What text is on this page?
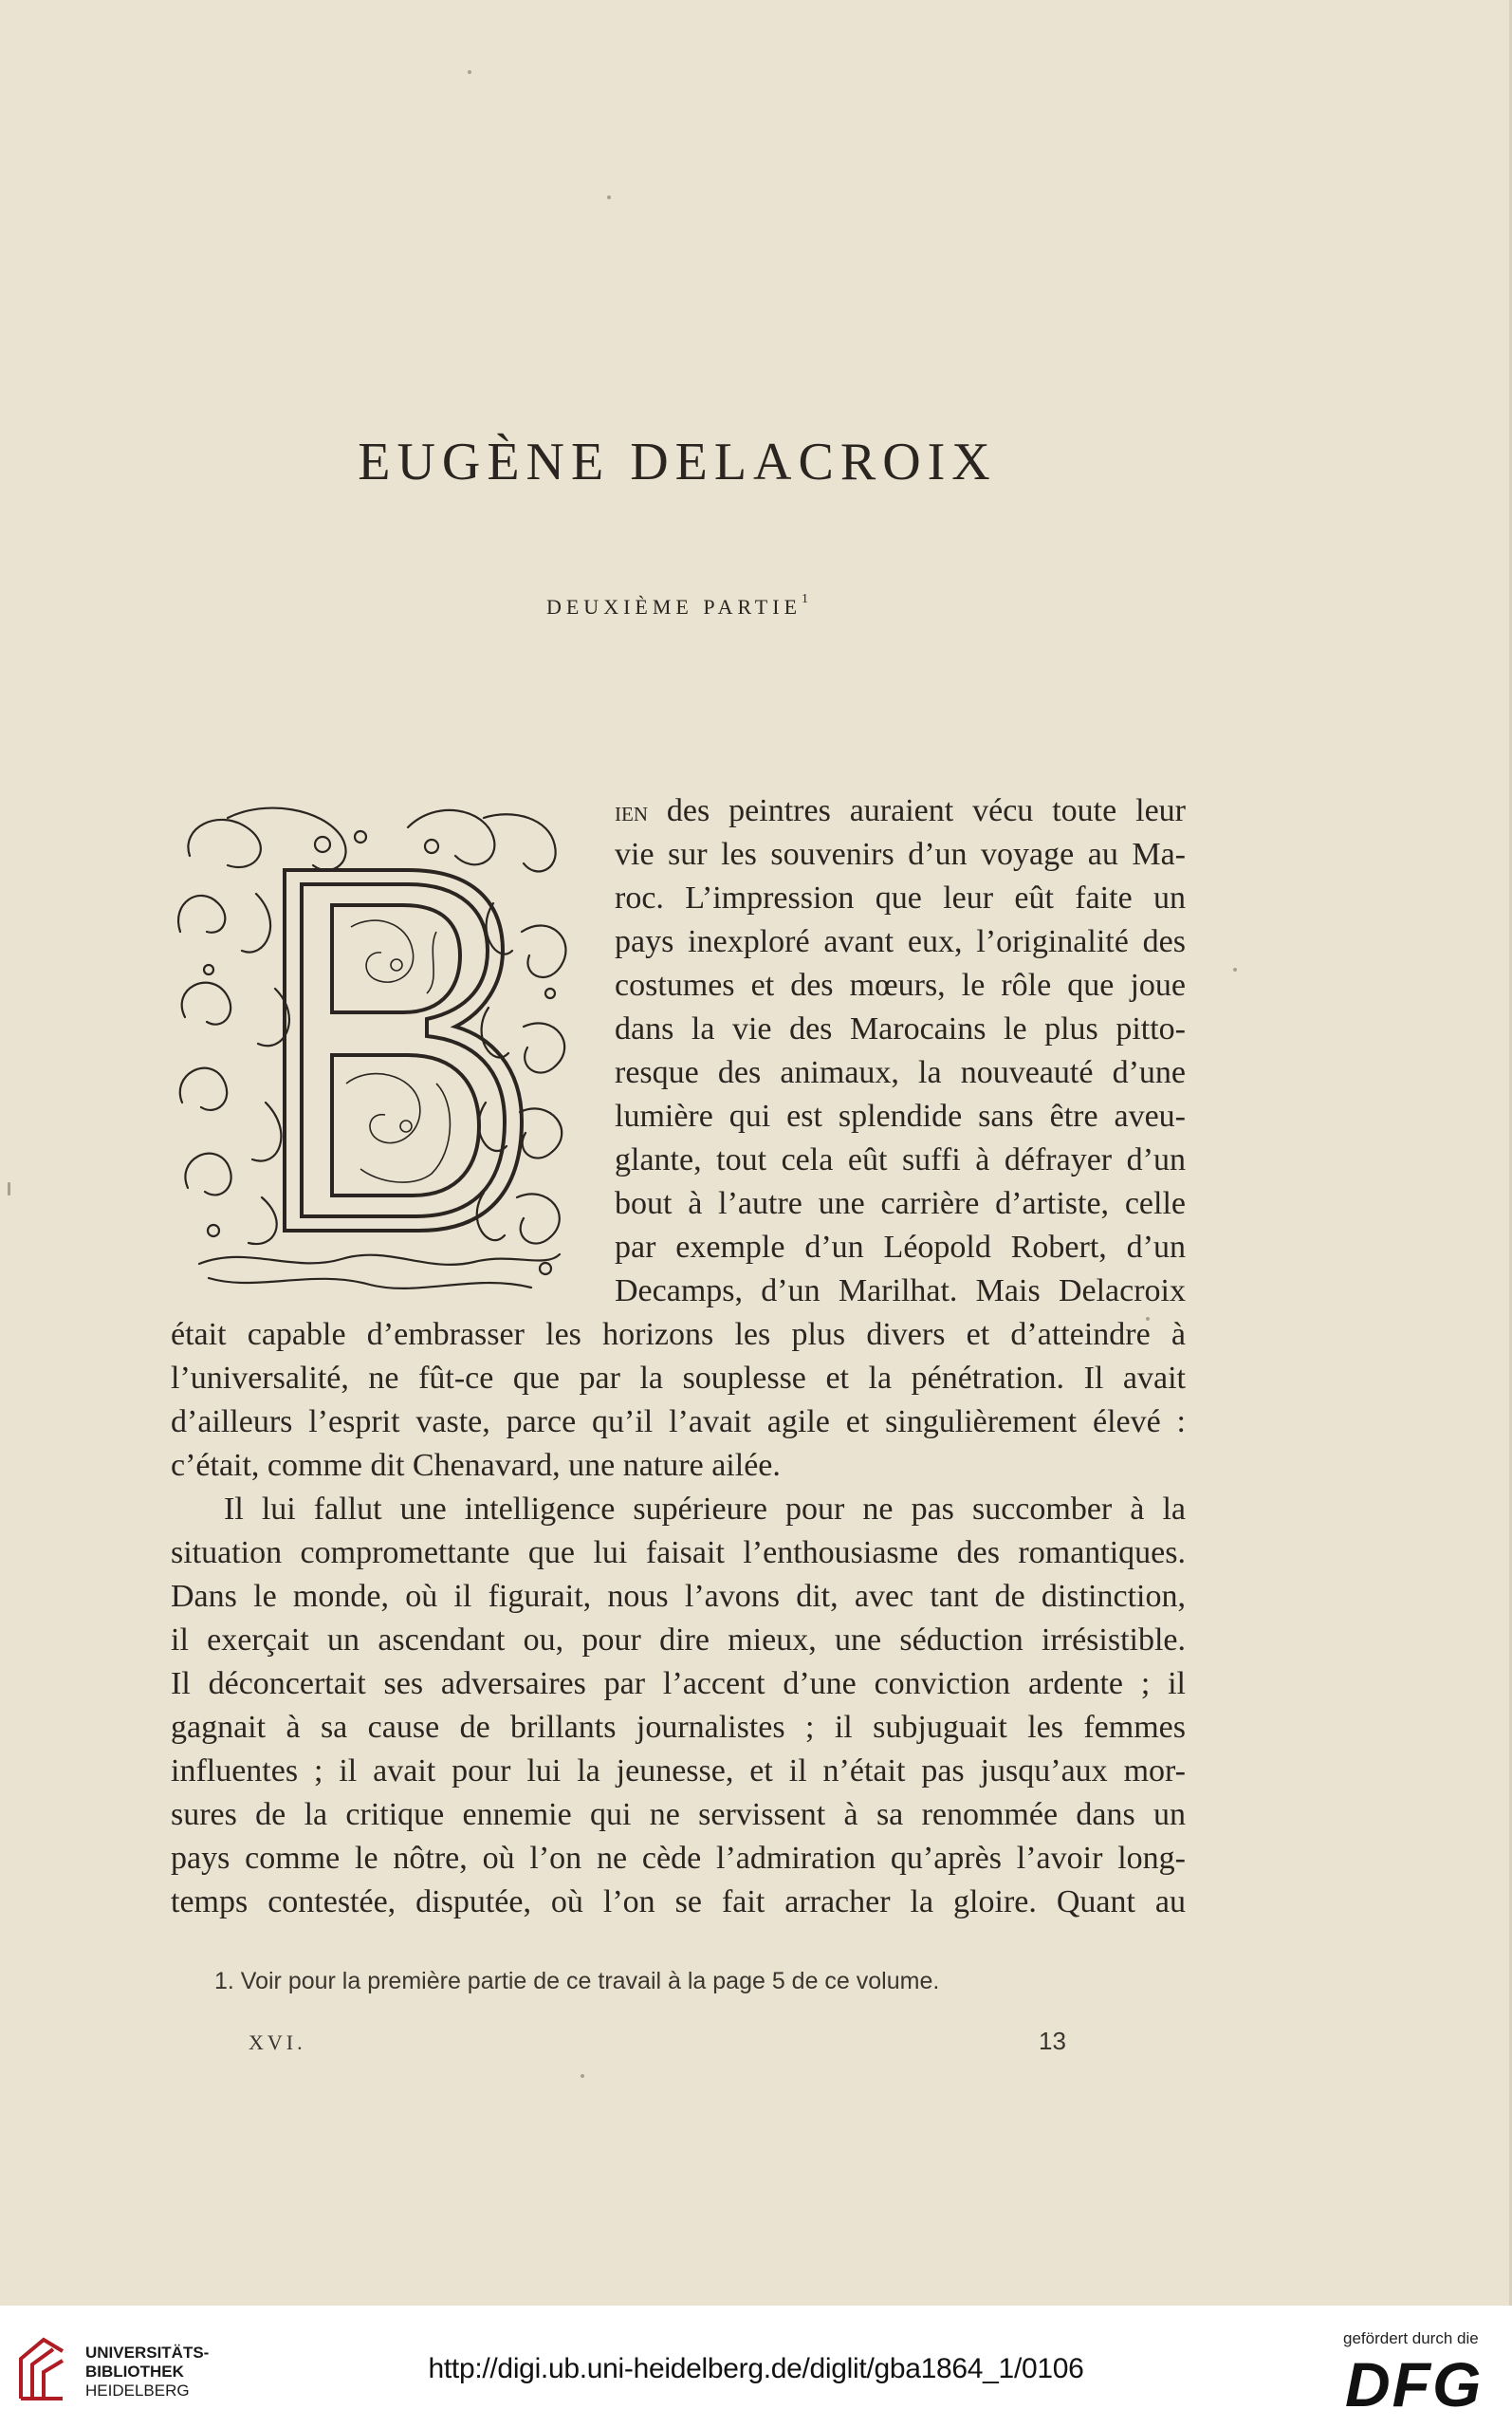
EUGÈNE DELACROIX
DEUXIÈME PARTIE$^1$
ien des peintres auraient vécu toute leur
vie sur les souvenirs d’un voyage au Ma-
roc. L’impression que leur eût faite un
pays inexploré avant eux, l’originalité des
costumes et des mœurs, le rôle que joue
dans la vie des Marocains le plus pitto-
resque des animaux, la nouveauté d’une
lumière qui est splendide sans être aveu-
glante, tout cela eût suffi à défrayer d’un
bout à l’autre une carrière d’artiste, celle
par exemple d’un Léopold Robert, d’un
Decamps, d’un Marilhat. Mais Delacroix
était capable d’embrasser les horizons les plus divers et d’atteindre à
l’universalité, ne fût-ce que par la souplesse et la pénétration. Il avait
d’ailleurs l’esprit vaste, parce qu’il l’avait agile et singulièrement élevé :
c’était, comme dit Chenavard, une nature ailée.
Il lui fallut une intelligence supérieure pour ne pas succomber à la
situation compromettante que lui faisait l’enthousiasme des romantiques.
Dans le monde, où il figurait, nous l’avons dit, avec tant de distinction,
il exerçait un ascendant ou, pour dire mieux, une séduction irrésistible.
Il déconcertait ses adversaires par l’accent d’une conviction ardente ; il
gagnait à sa cause de brillants journalistes ; il subjuguait les femmes
influentes ; il avait pour lui la jeunesse, et il n’était pas jusqu’aux mor-
sures de la critique ennemie qui ne servissent à sa renommée dans un
pays comme le nôtre, où l’on ne cède l’admiration qu’après l’avoir long-
temps contestée, disputée, où l’on se fait arracher la gloire. Quant au
1. Voir pour la première partie de ce travail à la page 5 de ce volume.
XVI.	13
UNIVERSITÄTS-
BIBLIOTHEK
HEIDELBERG
http://digi.ub.uni-heidelberg.de/diglit/gba1864_1/0106
gefördert durch die
DFG
